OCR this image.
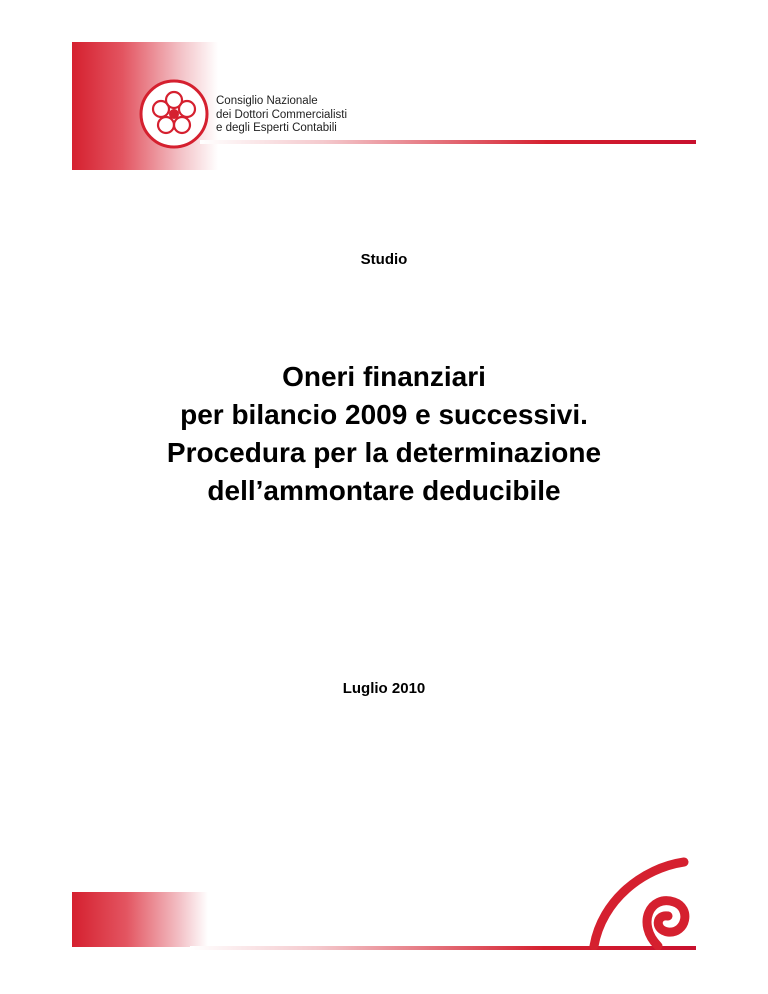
Consiglio Nazionale
dei Dottori Commercialisti
e degli Esperti Contabili
Studio
Oneri finanziari
per bilancio 2009 e successivi.
Procedura per la determinazione
dell’ammontare deducibile
Luglio 2010
